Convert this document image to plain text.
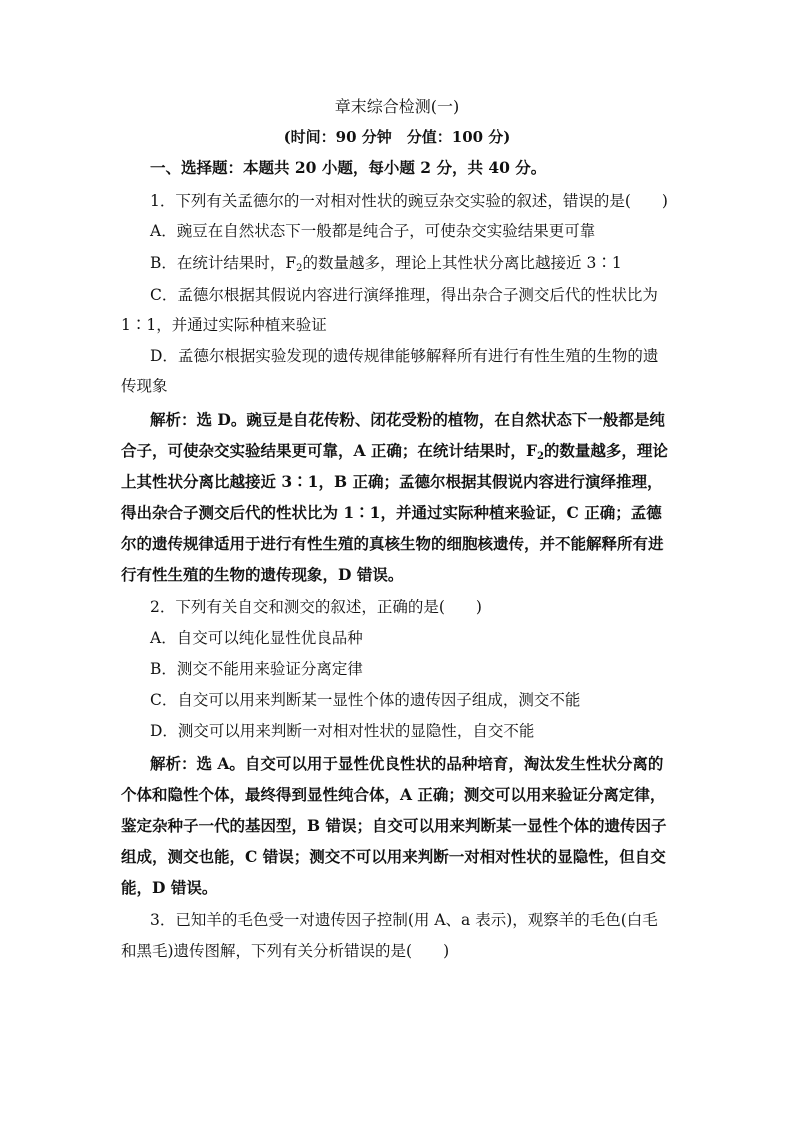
章末综合检测(一)
(时间：90 分钟　分值：100 分)
一、选择题：本题共 20 小题，每小题 2 分，共 40 分。
1．下列有关孟德尔的一对相对性状的豌豆杂交实验的叙述，错误的是(　　)
A．豌豆在自然状态下一般都是纯合子，可使杂交实验结果更可靠
B．在统计结果时，$F_2$的数量越多，理论上其性状分离比越接近 3∶1
C．孟德尔根据其假说内容进行演绎推理，得出杂合子测交后代的性状比为
1∶1，并通过实际种植来验证
D．孟德尔根据实验发现的遗传规律能够解释所有进行有性生殖的生物的遗
传现象
解析：选 D。豌豆是自花传粉、闭花受粉的植物，在自然状态下一般都是纯
合子，可使杂交实验结果更可靠，A 正确；在统计结果时，$F_2$的数量越多，理论
上其性状分离比越接近 3∶1，B 正确；孟德尔根据其假说内容进行演绎推理，
得出杂合子测交后代的性状比为 1∶1，并通过实际种植来验证，C 正确；孟德
尔的遗传规律适用于进行有性生殖的真核生物的细胞核遗传，并不能解释所有进
行有性生殖的生物的遗传现象，D 错误。
2．下列有关自交和测交的叙述，正确的是(　　)
A．自交可以纯化显性优良品种
B．测交不能用来验证分离定律
C．自交可以用来判断某一显性个体的遗传因子组成，测交不能
D．测交可以用来判断一对相对性状的显隐性，自交不能
解析：选 A。自交可以用于显性优良性状的品种培育，淘汰发生性状分离的
个体和隐性个体，最终得到显性纯合体，A 正确；测交可以用来验证分离定律，
鉴定杂种子一代的基因型，B 错误；自交可以用来判断某一显性个体的遗传因子
组成，测交也能，C 错误；测交不可以用来判断一对相对性状的显隐性，但自交
能，D 错误。
3．已知羊的毛色受一对遗传因子控制(用 A、a 表示)，观察羊的毛色(白毛
和黑毛)遗传图解，下列有关分析错误的是(　　)
